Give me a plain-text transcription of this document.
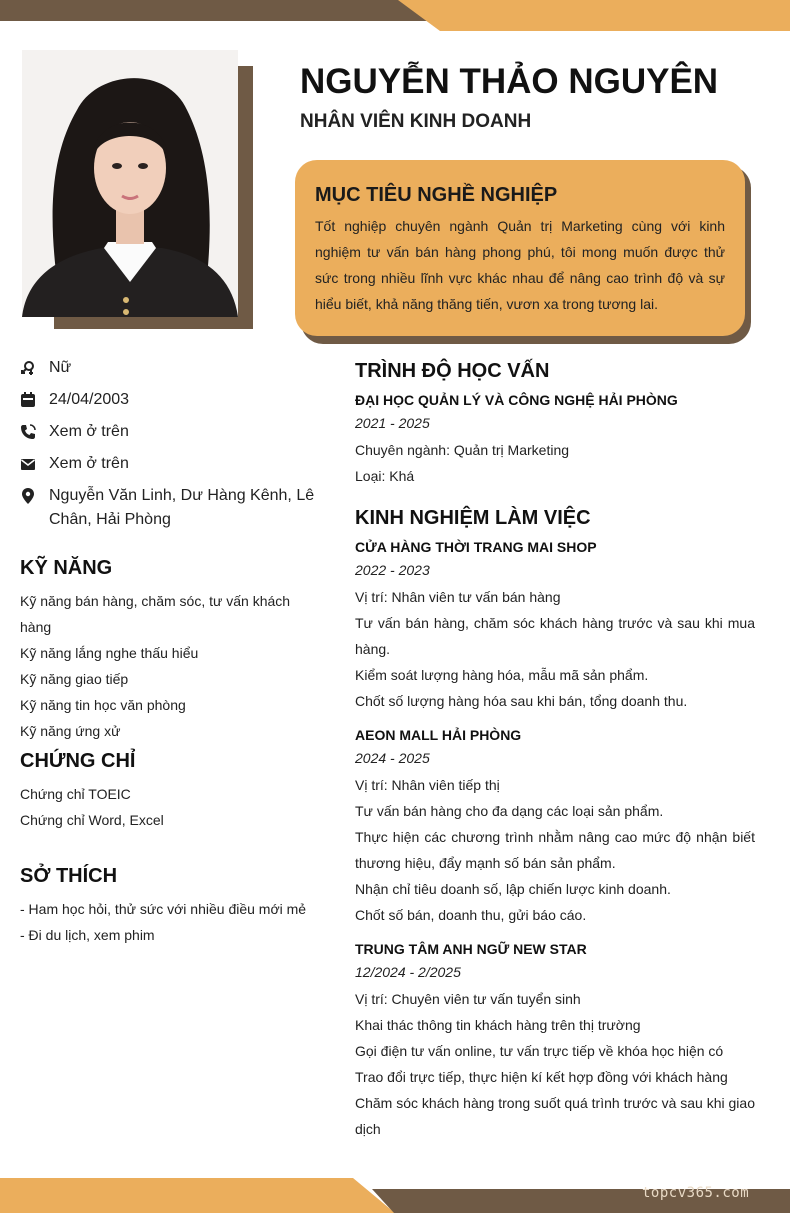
NGUYỄN THẢO NGUYÊN
NHÂN VIÊN KINH DOANH
MỤC TIÊU NGHỀ NGHIỆP

Tốt nghiệp chuyên ngành Quản trị Marketing cùng với kinh nghiệm tư vấn bán hàng phong phú, tôi mong muốn được thử sức trong nhiều lĩnh vực khác nhau để nâng cao trình độ và sự hiểu biết, khả năng thăng tiến, vươn xa trong tương lai.

Nữ
24/04/2003
Xem ở trên
Xem ở trên
Nguyễn Văn Linh, Dư Hàng Kênh, Lê Chân, Hải Phòng
KỸ NĂNG
Kỹ năng bán hàng, chăm sóc, tư vấn khách hàng
Kỹ năng lắng nghe thấu hiểu
Kỹ năng giao tiếp
Kỹ năng tin học văn phòng
Kỹ năng ứng xử
CHỨNG CHỈ
Chứng chỉ TOEIC
Chứng chỉ Word, Excel
SỞ THÍCH
- Ham học hỏi, thử sức với nhiều điều mới mẻ
- Đi du lịch, xem phim
TRÌNH ĐỘ HỌC VẤN
ĐẠI HỌC QUẢN LÝ VÀ CÔNG NGHỆ HẢI PHÒNG
2021 - 2025
Chuyên ngành: Quản trị Marketing
Loại: Khá
KINH NGHIỆM LÀM VIỆC
CỬA HÀNG THỜI TRANG MAI SHOP
2022 - 2023
Vị trí: Nhân viên tư vấn bán hàng
Tư vấn bán hàng, chăm sóc khách hàng trước và sau khi mua hàng.
Kiểm soát lượng hàng hóa, mẫu mã sản phẩm.
Chốt số lượng hàng hóa sau khi bán, tổng doanh thu.
AEON MALL HẢI PHÒNG
2024 - 2025
Vị trí: Nhân viên tiếp thị
Tư vấn bán hàng cho đa dạng các loại sản phẩm.
Thực hiện các chương trình nhằm nâng cao mức độ nhận biết thương hiệu, đẩy mạnh số bán sản phẩm.
Nhận chỉ tiêu doanh số, lập chiến lược kinh doanh.
Chốt số bán, doanh thu, gửi báo cáo.
TRUNG TÂM ANH NGỮ NEW STAR
12/2024 - 2/2025
Vị trí: Chuyên viên tư vấn tuyển sinh
Khai thác thông tin khách hàng trên thị trường
Gọi điện tư vấn online, tư vấn trực tiếp về khóa học hiện có
Trao đổi trực tiếp, thực hiện kí kết hợp đồng với khách hàng
Chăm sóc khách hàng trong suốt quá trình trước và sau khi giao dịch
topcv365.com
